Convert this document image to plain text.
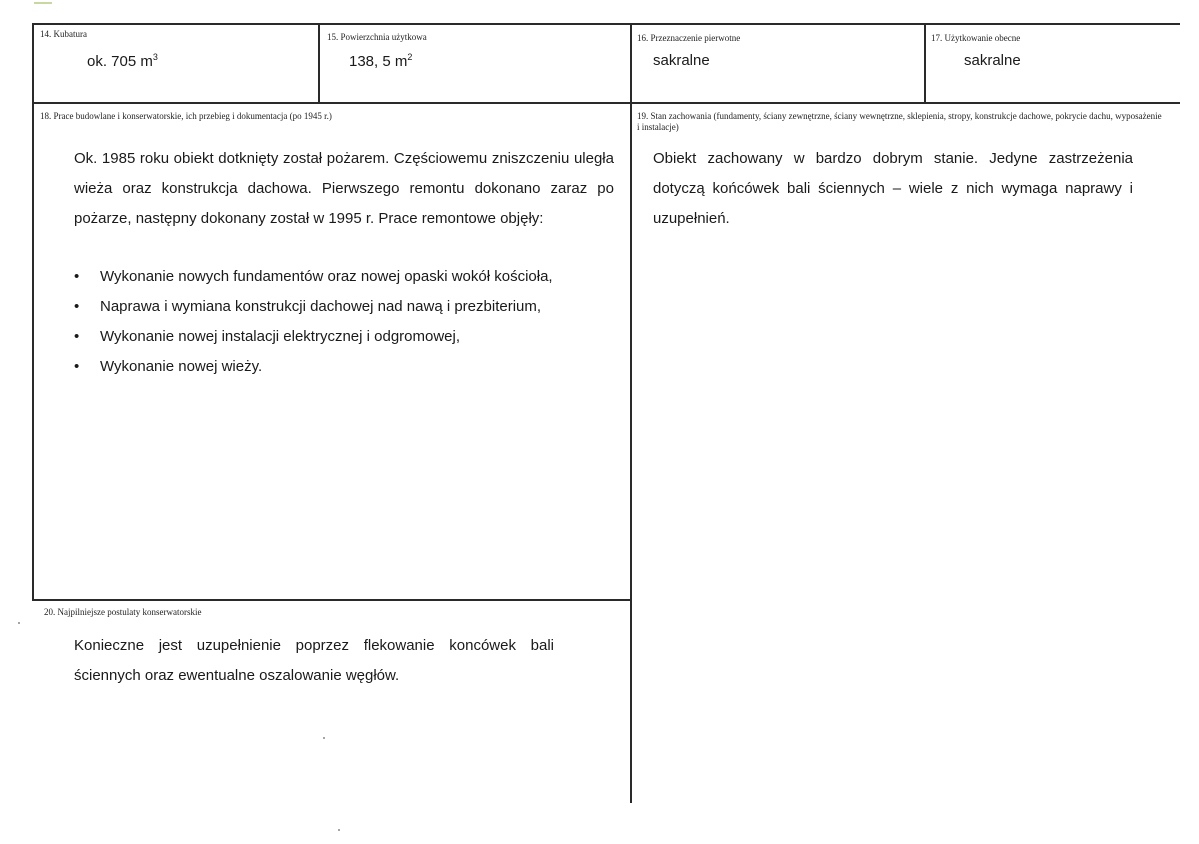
14. Kubatura
ok. 705 $m^3$
15. Powierzchnia użytkowa
138, 5 $m^2$
16. Przeznaczenie pierwotne
sakralne
17. Użytkowanie obecne
sakralne
18. Prace budowlane i konserwatorskie, ich przebieg i dokumentacja (po 1945 r.)

Ok. 1985 roku obiekt dotknięty został pożarem. Częściowemu zniszczeniu uległa wieża oraz konstrukcja dachowa. Pierwszego remontu dokonano zaraz po pożarze, następny dokonany został w 1995 r. Prace remontowe objęły:

• Wykonanie nowych fundamentów oraz nowej opaski wokół kościoła,
• Naprawa i wymiana konstrukcji dachowej nad nawą i prezbiterium,
• Wykonanie nowej instalacji elektrycznej i odgromowej,
• Wykonanie nowej wieży.
19. Stan zachowania (fundamenty, ściany zewnętrzne, ściany wewnętrzne, sklepienia, stropy, konstrukcje dachowe, pokrycie dachu, wyposażenie i instalacje)

Obiekt zachowany w bardzo dobrym stanie. Jedyne zastrzeżenia dotyczą końcówek bali ściennych – wiele z nich wymaga naprawy i uzupełnień.

20. Najpilniejsze postulaty konserwatorskie

Konieczne jest uzupełnienie poprzez flekowanie koncówek bali ściennych oraz ewentualne oszalowanie węgłów.
